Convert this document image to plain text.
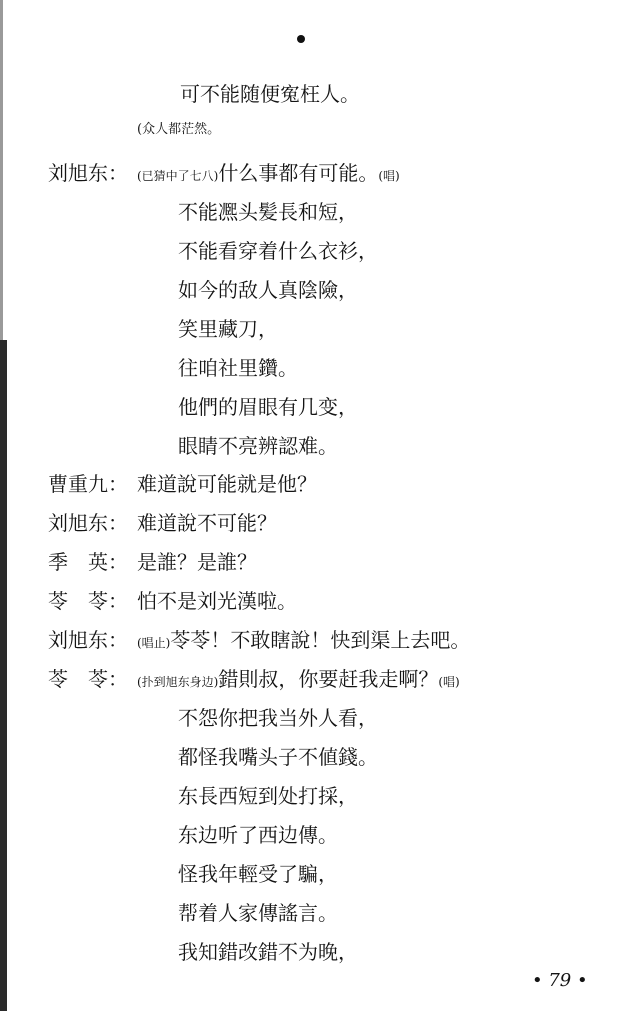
可不能随便寃枉人。
(众人都茫然。
刘旭东： (已猜中了七八)什么事都有可能。(唱)
不能凞头髪長和短，
不能看穿着什么衣衫，
如今的敌人真陰險，
笑里藏刀，
往咱社里鑽。
他們的眉眼有几变，
眼睛不亮辨認难。
曹重九： 难道說可能就是他？
刘旭东： 难道說不可能？
季　英： 是誰？是誰？
苓　苓： 怕不是刘光漢啦。
刘旭东： (唱止)苓苓！不敢瞎說！快到渠上去吧。
苓　苓： (扑到旭东身边)錯則叔，你要赶我走啊？(唱)
不怨你把我当外人看，
都怪我嘴头子不値錢。
东長西短到处打採，
东边听了西边傳。
怪我年輕受了騙，
帮着人家傳謠言。
我知錯改錯不为晚，
• 79 •
